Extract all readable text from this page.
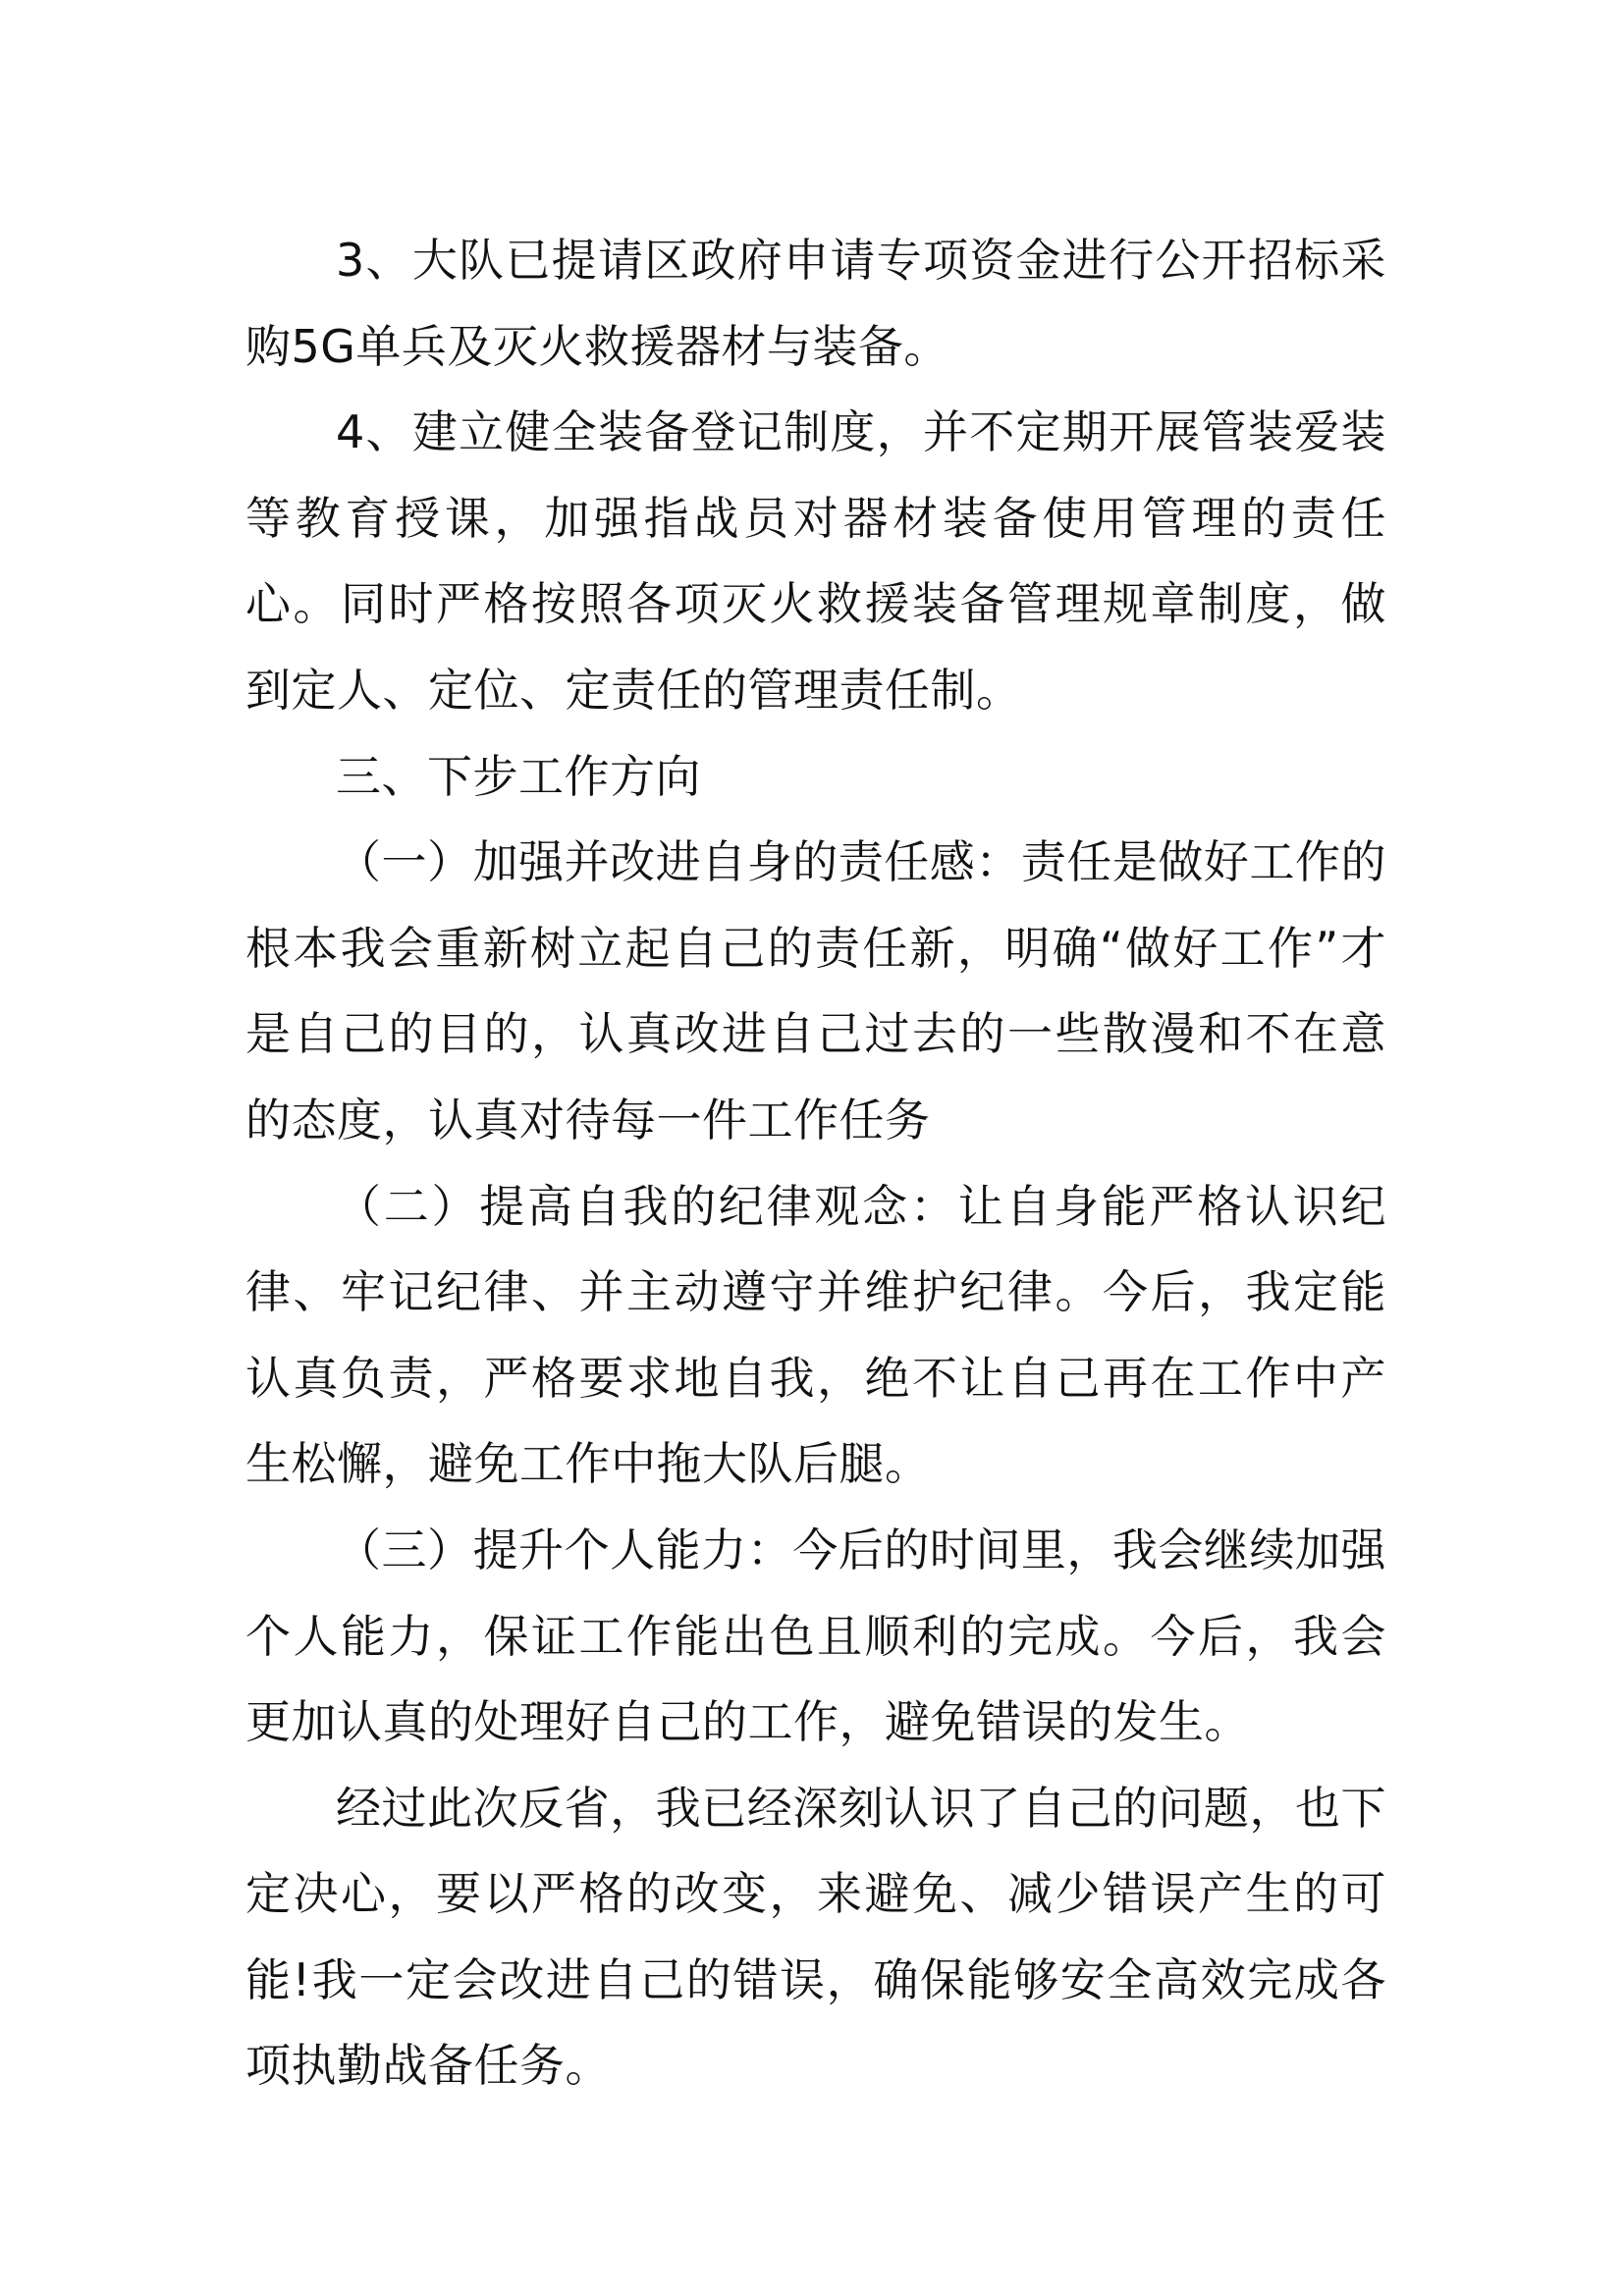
3、大队已提请区政府申请专项资金进行公开招标采购5G单兵及灭火救援器材与装备。

4、建立健全装备登记制度，并不定期开展管装爱装等教育授课，加强指战员对器材装备使用管理的责任心。同时严格按照各项灭火救援装备管理规章制度，做到定人、定位、定责任的管理责任制。

三、下步工作方向

（一）加强并改进自身的责任感：责任是做好工作的根本我会重新树立起自己的责任新，明确“做好工作”才是自己的目的，认真改进自己过去的一些散漫和不在意的态度，认真对待每一件工作任务

（二）提高自我的纪律观念：让自身能严格认识纪律、牢记纪律、并主动遵守并维护纪律。今后，我定能认真负责，严格要求地自我，绝不让自己再在工作中产生松懈，避免工作中拖大队后腿。

（三）提升个人能力：今后的时间里，我会继续加强个人能力，保证工作能出色且顺利的完成。今后，我会更加认真的处理好自己的工作，避免错误的发生。

经过此次反省，我已经深刻认识了自己的问题，也下定决心，要以严格的改变，来避免、减少错误产生的可能!我一定会改进自己的错误，确保能够安全高效完成各项执勤战备任务。
